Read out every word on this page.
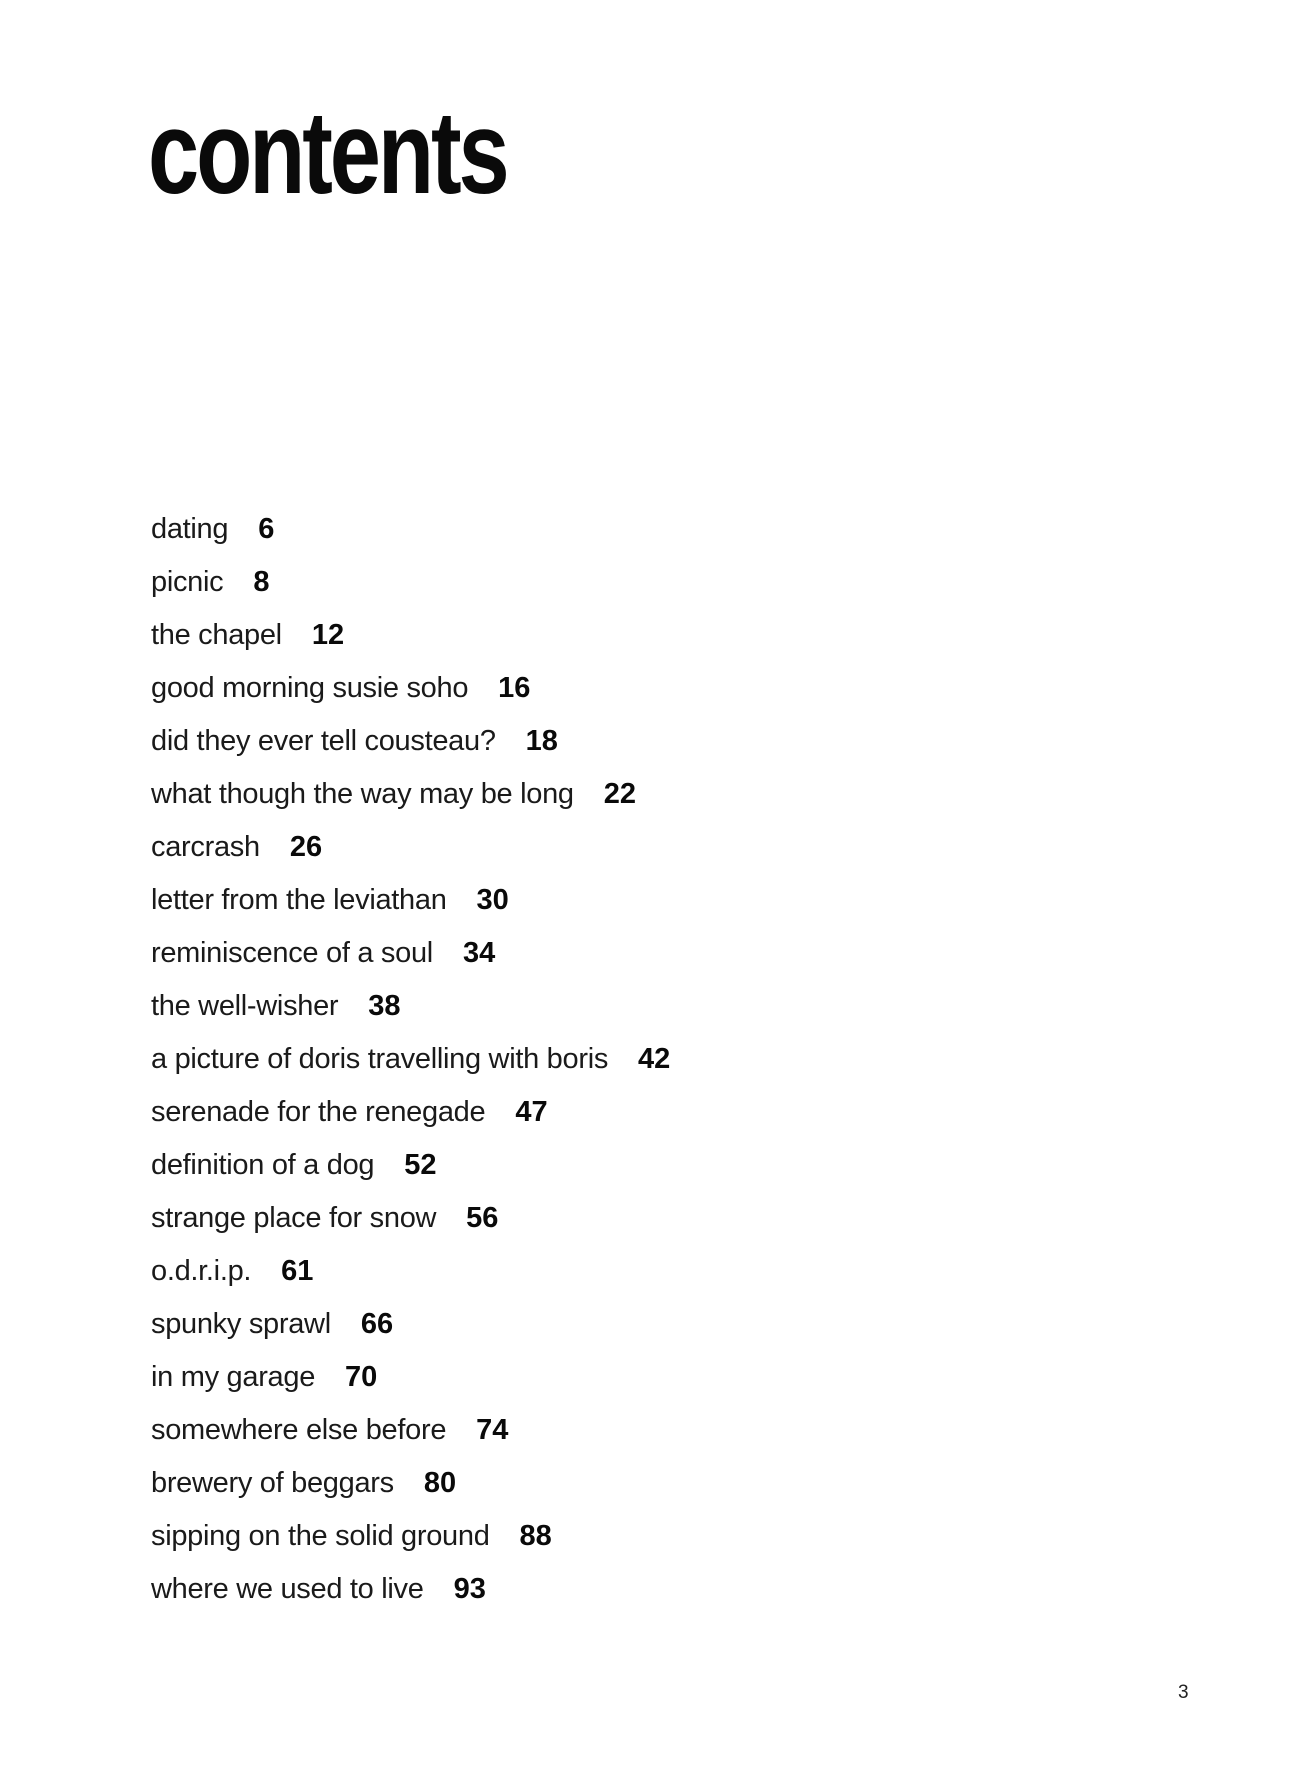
contents
dating 6
picnic 8
the chapel 12
good morning susie soho 16
did they ever tell cousteau? 18
what though the way may be long 22
carcrash 26
letter from the leviathan 30
reminiscence of a soul 34
the well-wisher 38
a picture of doris travelling with boris 42
serenade for the renegade 47
definition of a dog 52
strange place for snow 56
o.d.r.i.p. 61
spunky sprawl 66
in my garage 70
somewhere else before 74
brewery of beggars 80
sipping on the solid ground 88
where we used to live 93
3
